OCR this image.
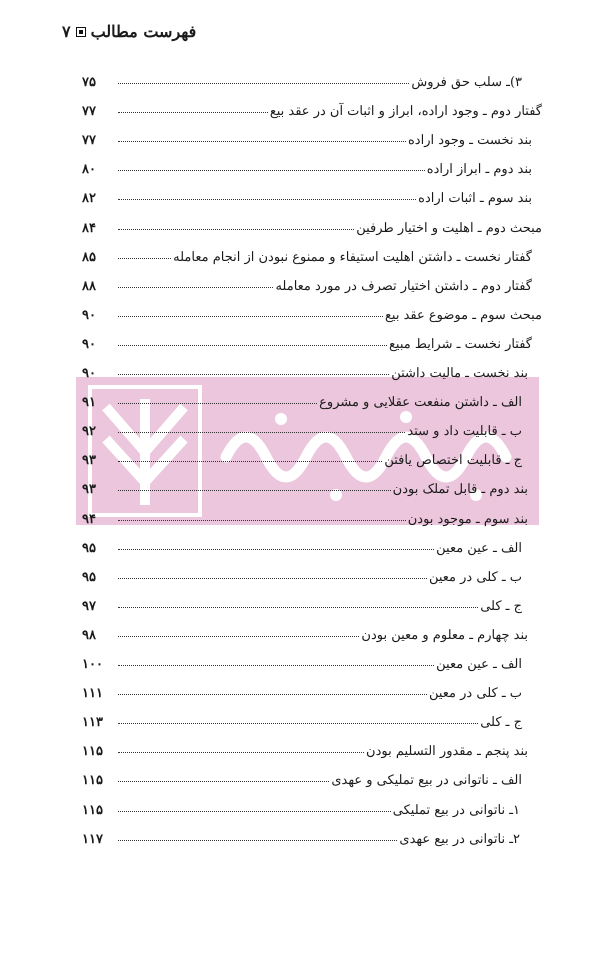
۷ فهرست مطالب
۷۵	۳)ـ سلب حق فروش
۷۷	گفتار دوم ـ وجود اراده، ابراز و اثبات آن در عقد بیع
۷۷	بند نخست ـ وجود اراده
۸۰	بند دوم ـ ابراز اراده
۸۲	بند سوم ـ اثبات اراده
۸۴	مبحث دوم ـ اهلیت و اختیار طرفین
۸۵	گفتار نخست ـ داشتن اهلیت استیفاء و ممنوع نبودن از انجام معامله
۸۸	گفتار دوم ـ داشتن اختیار تصرف در مورد معامله
۹۰	مبحث سوم ـ موضوع عقد بیع
۹۰	گفتار نخست ـ شرایط مبیع
۹۰	بند نخست ـ مالیت داشتن
۹۱	الف ـ داشتن منفعت عقلایی و مشروع
۹۲	ب ـ قابلیت داد و ستد
۹۳	ج ـ قابلیت اختصاص یافتن
۹۳	بند دوم ـ قابل تملک بودن
۹۴	بند سوم ـ موجود بودن
۹۵	الف ـ عین معین
۹۵	ب ـ کلی در معین
۹۷	ج ـ کلی
۹۸	بند چهارم ـ معلوم و معین بودن
۱۰۰	الف ـ عین معین
۱۱۱	ب ـ کلی در معین
۱۱۳	ج ـ کلی
۱۱۵	بند پنجم ـ مقدور التسلیم بودن
۱۱۵	الف ـ ناتوانی در بیع تملیکی و عهدی
۱۱۵	۱ـ ناتوانی در بیع تملیکی
۱۱۷	۲ـ ناتوانی در بیع عهدی
